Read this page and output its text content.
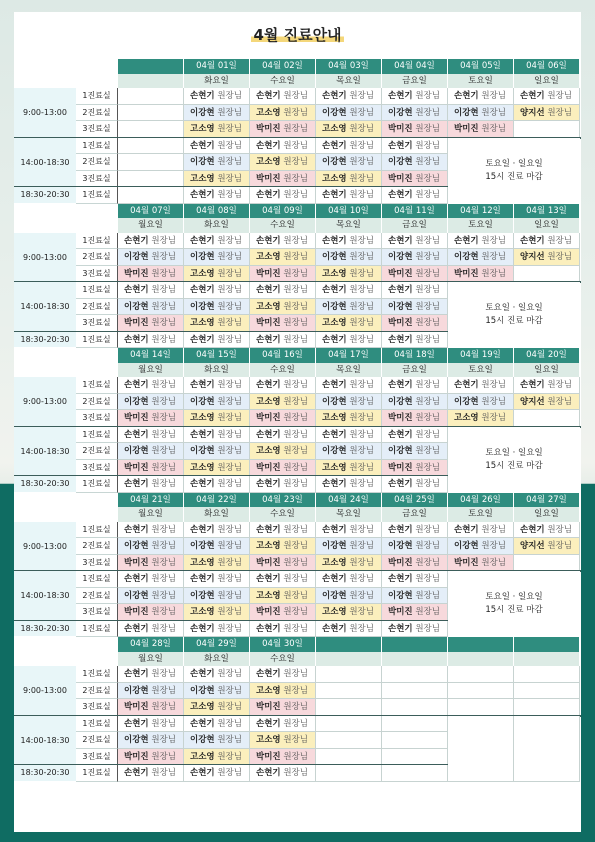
4월 진료안내
04월 01일	04월 02일	04월 03일	04월 04일	04월 05일	04월 06일
화요일	수요일	목요일	금요일	토요일	일요일
9:00-13:00
1진료실	손현기 원장님	손현기 원장님	손현기 원장님	손현기 원장님	손현기 원장님	손현기 원장님
2진료실	이강현 원장님	고소영 원장님	이강현 원장님	이강현 원장님	이강현 원장님	양지선 원장님
3진료실	고소영 원장님	박미진 원장님	고소영 원장님	박미진 원장님	박미진 원장님
14:00-18:30
1진료실	손현기 원장님	손현기 원장님	손현기 원장님	손현기 원장님
2진료실	이강현 원장님	고소영 원장님	이강현 원장님	이강현 원장님
3진료실	고소영 원장님	박미진 원장님	고소영 원장님	박미진 원장님
토요일 · 일요일
15시 진료 마감
18:30-20:30	1진료실	손현기 원장님	손현기 원장님	손현기 원장님	손현기 원장님
04월 07일	04월 08일	04월 09일	04월 10일	04월 11일	04월 12일	04월 13일
월요일	화요일	수요일	목요일	금요일	토요일	일요일
9:00-13:00
1진료실	손현기 원장님	손현기 원장님	손현기 원장님	손현기 원장님	손현기 원장님	손현기 원장님	손현기 원장님
2진료실	이강현 원장님	이강현 원장님	고소영 원장님	이강현 원장님	이강현 원장님	이강현 원장님	양지선 원장님
3진료실	박미진 원장님	고소영 원장님	박미진 원장님	고소영 원장님	박미진 원장님	박미진 원장님
14:00-18:30
1진료실	손현기 원장님	손현기 원장님	손현기 원장님	손현기 원장님	손현기 원장님
2진료실	이강현 원장님	이강현 원장님	고소영 원장님	이강현 원장님	이강현 원장님
3진료실	박미진 원장님	고소영 원장님	박미진 원장님	고소영 원장님	박미진 원장님
토요일 · 일요일
15시 진료 마감
18:30-20:30	1진료실	손현기 원장님	손현기 원장님	손현기 원장님	손현기 원장님	손현기 원장님
04월 14일	04월 15일	04월 16일	04월 17일	04월 18일	04월 19일	04월 20일
월요일	화요일	수요일	목요일	금요일	토요일	일요일
9:00-13:00
1진료실	손현기 원장님	손현기 원장님	손현기 원장님	손현기 원장님	손현기 원장님	손현기 원장님	손현기 원장님
2진료실	이강현 원장님	이강현 원장님	고소영 원장님	이강현 원장님	이강현 원장님	이강현 원장님	양지선 원장님
3진료실	박미진 원장님	고소영 원장님	박미진 원장님	고소영 원장님	박미진 원장님	고소영 원장님
14:00-18:30
1진료실	손현기 원장님	손현기 원장님	손현기 원장님	손현기 원장님	손현기 원장님
2진료실	이강현 원장님	이강현 원장님	고소영 원장님	이강현 원장님	이강현 원장님
3진료실	박미진 원장님	고소영 원장님	박미진 원장님	고소영 원장님	박미진 원장님
토요일 · 일요일
15시 진료 마감
18:30-20:30	1진료실	손현기 원장님	손현기 원장님	손현기 원장님	손현기 원장님	손현기 원장님
04월 21일	04월 22일	04월 23일	04월 24일	04월 25일	04월 26일	04월 27일
월요일	화요일	수요일	목요일	금요일	토요일	일요일
9:00-13:00
1진료실	손현기 원장님	손현기 원장님	손현기 원장님	손현기 원장님	손현기 원장님	손현기 원장님	손현기 원장님
2진료실	이강현 원장님	이강현 원장님	고소영 원장님	이강현 원장님	이강현 원장님	이강현 원장님	양지선 원장님
3진료실	박미진 원장님	고소영 원장님	박미진 원장님	고소영 원장님	박미진 원장님	박미진 원장님
14:00-18:30
1진료실	손현기 원장님	손현기 원장님	손현기 원장님	손현기 원장님	손현기 원장님
2진료실	이강현 원장님	이강현 원장님	고소영 원장님	이강현 원장님	이강현 원장님
3진료실	박미진 원장님	고소영 원장님	박미진 원장님	고소영 원장님	박미진 원장님
토요일 · 일요일
15시 진료 마감
18:30-20:30	1진료실	손현기 원장님	손현기 원장님	손현기 원장님	손현기 원장님	손현기 원장님
04월 28일	04월 29일	04월 30일
월요일	화요일	수요일
9:00-13:00
1진료실	손현기 원장님	손현기 원장님	손현기 원장님
2진료실	이강현 원장님	이강현 원장님	고소영 원장님
3진료실	박미진 원장님	고소영 원장님	박미진 원장님
14:00-18:30
1진료실	손현기 원장님	손현기 원장님	손현기 원장님
2진료실	이강현 원장님	이강현 원장님	고소영 원장님
3진료실	박미진 원장님	고소영 원장님	박미진 원장님
18:30-20:30	1진료실	손현기 원장님	손현기 원장님	손현기 원장님
